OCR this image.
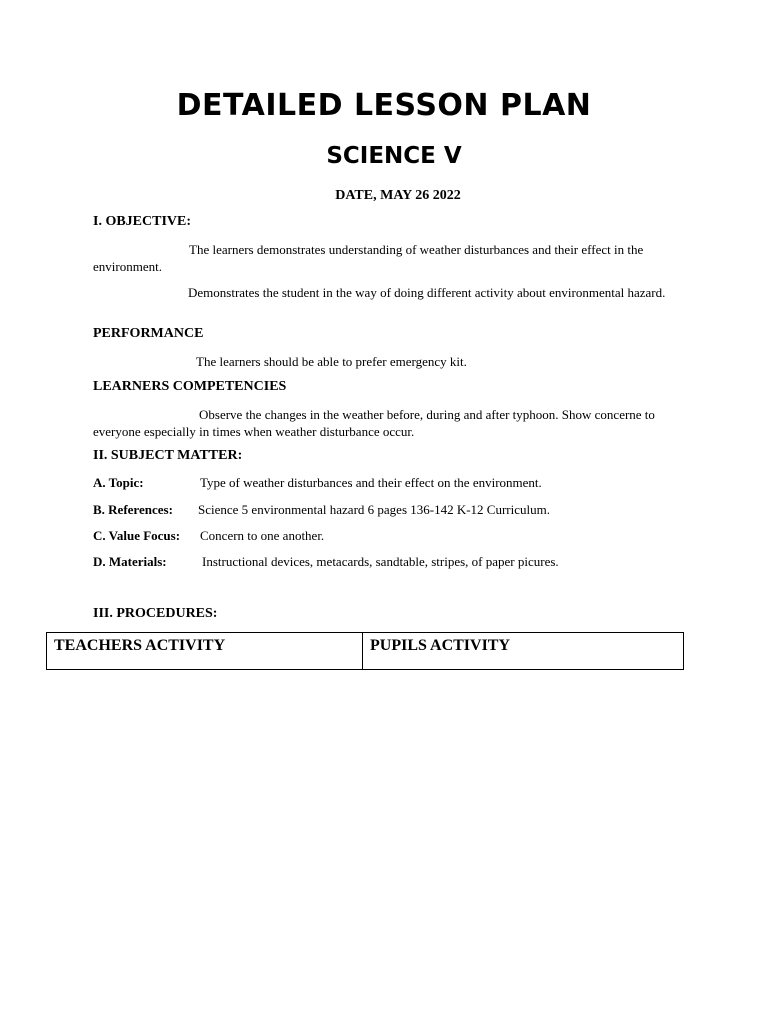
DETAILED LESSON PLAN
SCIENCE V
DATE, MAY 26 2022
I. OBJECTIVE:
The learners demonstrates understanding of weather disturbances and their effect in the environment.
Demonstrates the student in the way of doing different activity about environmental hazard.
PERFORMANCE
The learners should be able to prefer emergency kit.
LEARNERS COMPETENCIES
Observe the changes in the weather before, during and after typhoon. Show concerne to everyone especially in times when weather disturbance occur.
II. SUBJECT MATTER:
A. Topic:	Type of weather disturbances and their effect on the environment.
B. References: Science 5 environmental hazard 6 pages 136-142 K-12 Curriculum.
C. Value Focus: Concern to one another.
D. Materials:	Instructional devices, metacards, sandtable, stripes, of paper picures.
III. PROCEDURES:
TEACHERS ACTIVITY	PUPILS ACTIVITY
